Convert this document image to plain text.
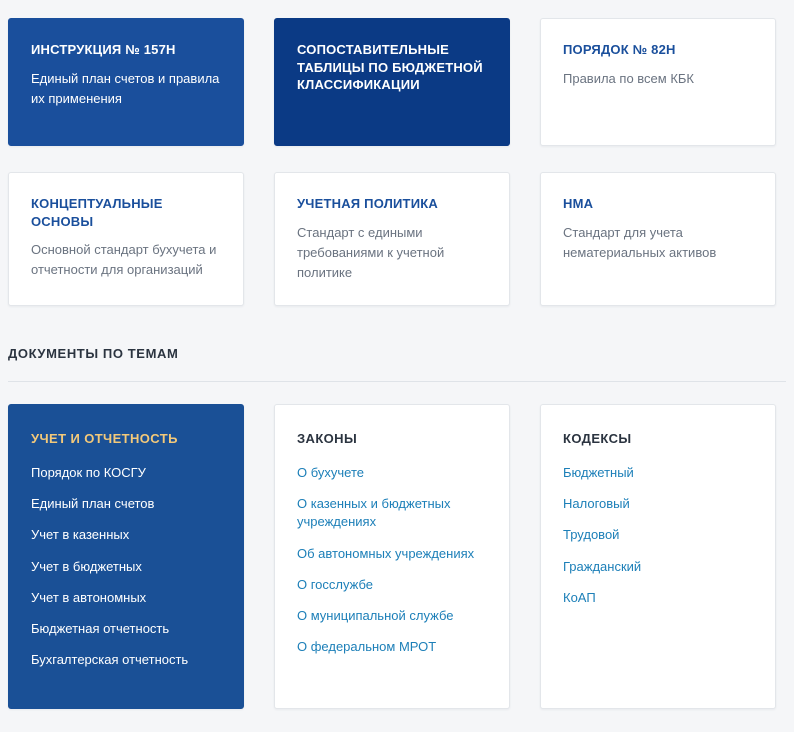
ИНСТРУКЦИЯ № 157Н
Единый план счетов и правила их применения
СОПОСТАВИТЕЛЬНЫЕ ТАБЛИЦЫ ПО БЮДЖЕТНОЙ КЛАССИФИКАЦИИ
ПОРЯДОК № 82Н
Правила по всем КБК
КОНЦЕПТУАЛЬНЫЕ ОСНОВЫ
Основной стандарт бухучета и отчетности для организаций
УЧЕТНАЯ ПОЛИТИКА
Стандарт с едиными требованиями к учетной политике
НМА
Стандарт для учета нематериальных активов
ДОКУМЕНТЫ ПО ТЕМАМ
УЧЕТ И ОТЧЕТНОСТЬ
Порядок по КОСГУ
Единый план счетов
Учет в казенных
Учет в бюджетных
Учет в автономных
Бюджетная отчетность
Бухгалтерская отчетность
ЗАКОНЫ
О бухучете
О казенных и бюджетных учреждениях
Об автономных учреждениях
О госслужбе
О муниципальной службе
О федеральном МРОТ
КОДЕКСЫ
Бюджетный
Налоговый
Трудовой
Гражданский
КоАП
